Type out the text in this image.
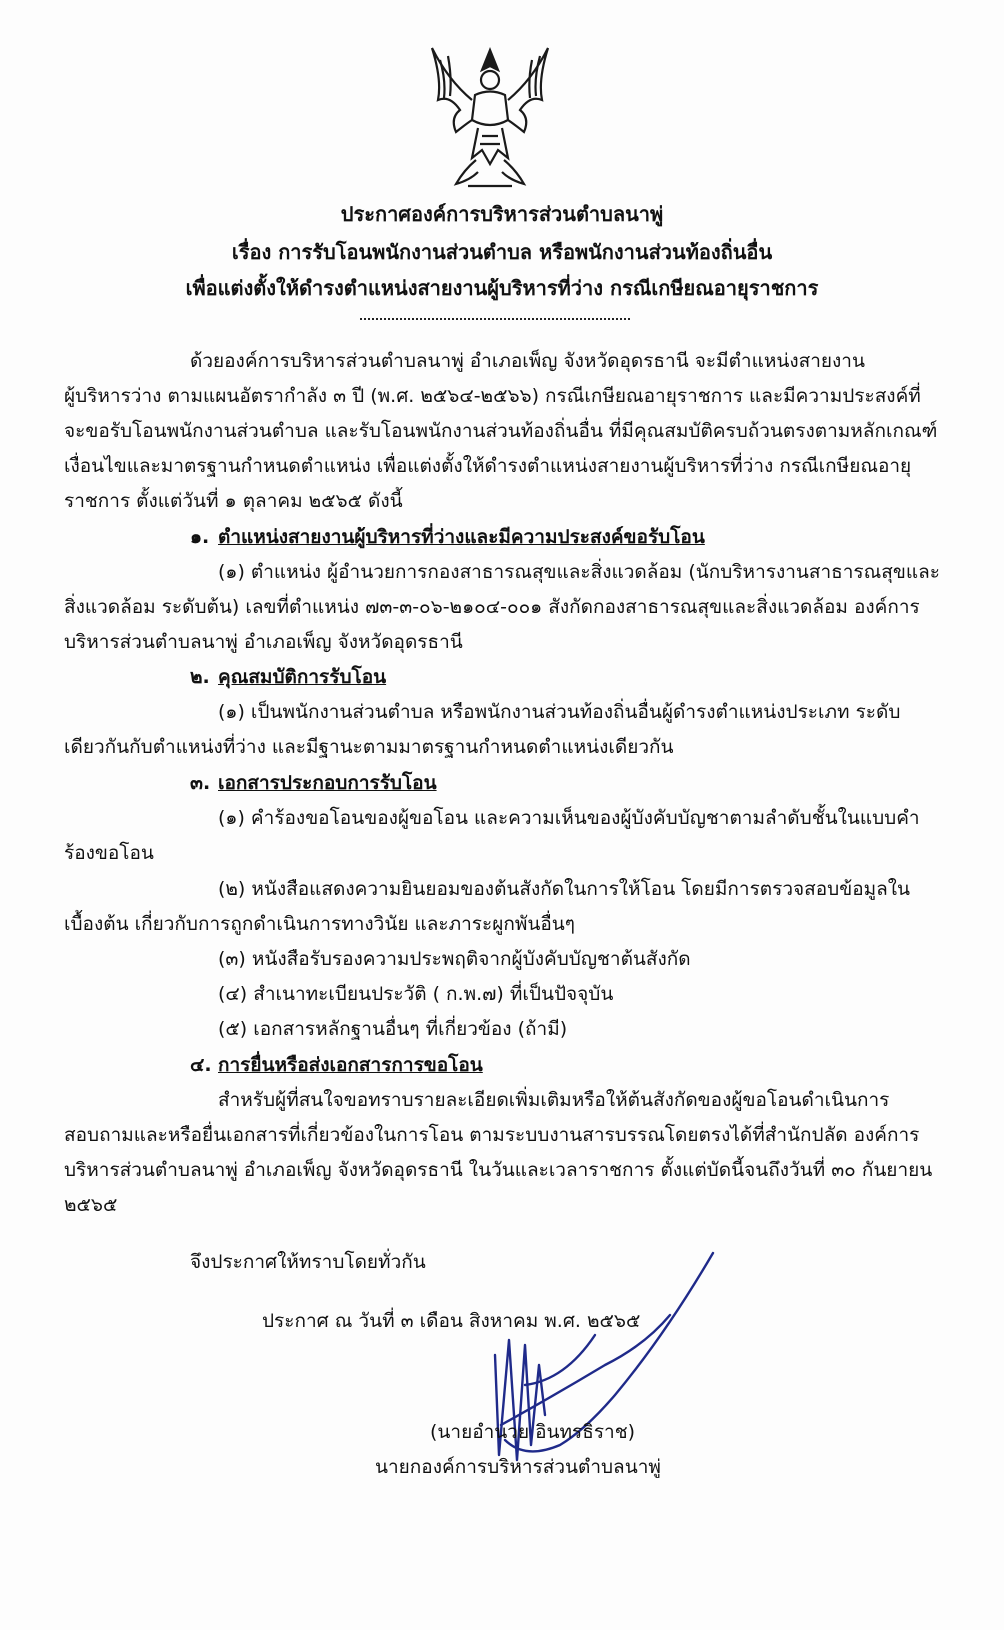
ประกาศองค์การบริหารส่วนตำบลนาพู่
เรื่อง การรับโอนพนักงานส่วนตำบล หรือพนักงานส่วนท้องถิ่นอื่น
เพื่อแต่งตั้งให้ดำรงตำแหน่งสายงานผู้บริหารที่ว่าง กรณีเกษียณอายุราชการ
ด้วยองค์การบริหารส่วนตำบลนาพู่ อำเภอเพ็ญ จังหวัดอุดรธานี จะมีตำแหน่งสายงาน
ผู้บริหารว่าง ตามแผนอัตรากำลัง ๓ ปี (พ.ศ. ๒๕๖๔-๒๕๖๖) กรณีเกษียณอายุราชการ และมีความประสงค์ที่
จะขอรับโอนพนักงานส่วนตำบล และรับโอนพนักงานส่วนท้องถิ่นอื่น ที่มีคุณสมบัติครบถ้วนตรงตามหลักเกณฑ์
เงื่อนไขและมาตรฐานกำหนดตำแหน่ง เพื่อแต่งตั้งให้ดำรงตำแหน่งสายงานผู้บริหารที่ว่าง กรณีเกษียณอายุ
ราชการ ตั้งแต่วันที่ ๑ ตุลาคม ๒๕๖๕ ดังนี้
๑. ตำแหน่งสายงานผู้บริหารที่ว่างและมีความประสงค์ขอรับโอน
(๑) ตำแหน่ง ผู้อำนวยการกองสาธารณสุขและสิ่งแวดล้อม (นักบริหารงานสาธารณสุขและ
สิ่งแวดล้อม ระดับต้น) เลขที่ตำแหน่ง ๗๓-๓-๐๖-๒๑๐๔-๐๐๑ สังกัดกองสาธารณสุขและสิ่งแวดล้อม องค์การ
บริหารส่วนตำบลนาพู่ อำเภอเพ็ญ จังหวัดอุดรธานี
๒. คุณสมบัติการรับโอน
(๑) เป็นพนักงานส่วนตำบล หรือพนักงานส่วนท้องถิ่นอื่นผู้ดำรงตำแหน่งประเภท ระดับ
เดียวกันกับตำแหน่งที่ว่าง และมีฐานะตามมาตรฐานกำหนดตำแหน่งเดียวกัน
๓. เอกสารประกอบการรับโอน
(๑) คำร้องขอโอนของผู้ขอโอน และความเห็นของผู้บังคับบัญชาตามลำดับชั้นในแบบคำ
ร้องขอโอน
(๒) หนังสือแสดงความยินยอมของต้นสังกัดในการให้โอน โดยมีการตรวจสอบข้อมูลใน
เบื้องต้น เกี่ยวกับการถูกดำเนินการทางวินัย และภาระผูกพันอื่นๆ
(๓) หนังสือรับรองความประพฤติจากผู้บังคับบัญชาต้นสังกัด
(๔) สำเนาทะเบียนประวัติ ( ก.พ.๗) ที่เป็นปัจจุบัน
(๕) เอกสารหลักฐานอื่นๆ ที่เกี่ยวข้อง (ถ้ามี)
๔. การยื่นหรือส่งเอกสารการขอโอน
สำหรับผู้ที่สนใจขอทราบรายละเอียดเพิ่มเติมหรือให้ต้นสังกัดของผู้ขอโอนดำเนินการ
สอบถามและหรือยื่นเอกสารที่เกี่ยวข้องในการโอน ตามระบบงานสารบรรณโดยตรงได้ที่สำนักปลัด องค์การ
บริหารส่วนตำบลนาพู่ อำเภอเพ็ญ จังหวัดอุดรธานี ในวันและเวลาราชการ ตั้งแต่บัดนี้จนถึงวันที่ ๓๐ กันยายน
๒๕๖๕
จึงประกาศให้ทราบโดยทั่วกัน
ประกาศ ณ วันที่ ๓ เดือน สิงหาคม พ.ศ. ๒๕๖๕
(นายอำนวย อินทรธิราช)
นายกองค์การบริหารส่วนตำบลนาพู่
